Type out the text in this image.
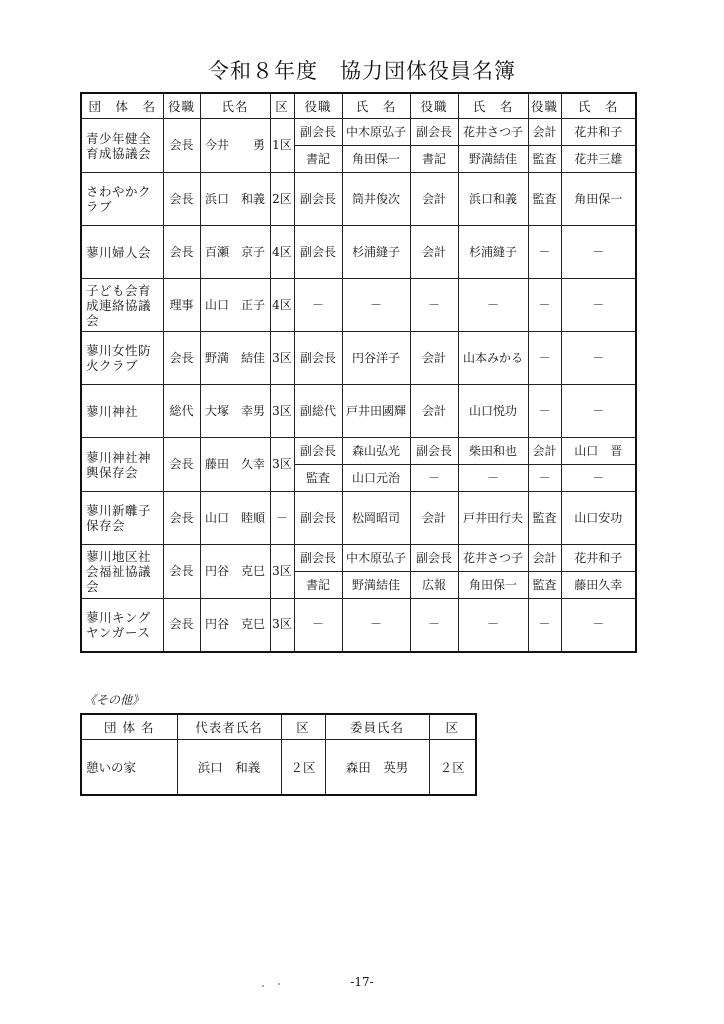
令和８年度　協力団体役員名簿
団　体　名	役職	氏名	区	役職	氏　名	役職	氏　名	役職	氏　名
青少年健全育成協議会	会長	今井　　勇	1区	副会長	中木原弘子	副会長	花井さつ子	会計	花井和子
				書記	角田保一	書記	野満結佳	監査	花井三雄
さわやかクラブ	会長	浜口　和義	2区	副会長	筒井俊次	会計	浜口和義	監査	角田保一
蓼川婦人会	会長	百瀬　京子	4区	副会長	杉浦縫子	会計	杉浦縫子	－	－
子ども会育成連絡協議会	理事	山口　正子	4区	－	－	－	－	－	－
蓼川女性防火クラブ	会長	野満　結佳	3区	副会長	円谷洋子	会計	山本みかる	－	－
蓼川神社	総代	大塚　幸男	3区	副総代	戸井田國輝	会計	山口悦功	－	－
蓼川神社神輿保存会	会長	藤田　久幸	3区	副会長	森山弘光	副会長	柴田和也	会計	山口　晋
				監査	山口元治	－	－	－	－
蓼川新囃子保存会	会長	山口　睦順	－	副会長	松岡昭司	会計	戸井田行夫	監査	山口安功
蓼川地区社会福祉協議会	会長	円谷　克巳	3区	副会長	中木原弘子	副会長	花井さつ子	会計	花井和子
				書記	野満結佳	広報	角田保一	監査	藤田久幸
蓼川キングヤンガース	会長	円谷　克巳	3区	－	－	－	－	－	－
《その他》
団 体 名	代表者氏名	区	委員氏名	区
憩いの家	浜口　和義	２区	森田　英男	２区
-17-
